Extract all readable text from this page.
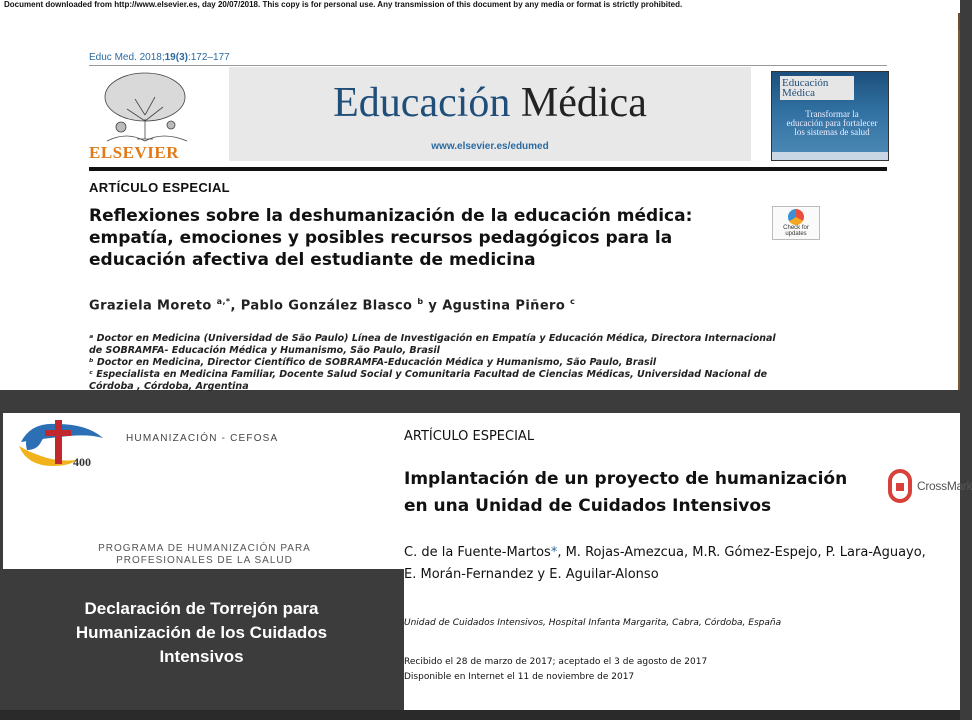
Document downloaded from http://www.elsevier.es, day 20/07/2018. This copy is for personal use. Any transmission of this document by any media or format is strictly prohibited.
Educ Med. 2018;19(3):172–177
ELSEVIER
Educación Médica
www.elsevier.es/edumed
Educación Médica
Transformar la educación para fortalecer los sistemas de salud
ARTÍCULO ESPECIAL
Reflexiones sobre la deshumanización de la educación médica: empatía, emociones y posibles recursos pedagógicos para la educación afectiva del estudiante de medicina
Check for updates
Graziela Moreto $^{a,*}$, Pablo González Blasco $^b$ y Agustina Piñero $^c$
ᵃ Doctor en Medicina (Universidad de São Paulo) Línea de Investigación en Empatía y Educación Médica, Directora Internacional
de SOBRAMFA- Educación Médica y Humanismo, São Paulo, Brasil
ᵇ Doctor en Medicina, Director Científico de SOBRAMFA-Educación Médica y Humanismo, São Paulo, Brasil
ᶜ Especialista en Medicina Familiar, Docente Salud Social y Comunitaria Facultad de Ciencias Médicas, Universidad Nacional de
Córdoba , Córdoba, Argentina
400
HUMANIZACIÓN - CEFOSA
PROGRAMA DE HUMANIZACIÓN PARA
PROFESIONALES DE LA SALUD
Declaración de Torrejón para
Humanización de los Cuidados
Intensivos
ARTÍCULO ESPECIAL
Implantación de un proyecto de humanización en una Unidad de Cuidados Intensivos
CrossMark
C. de la Fuente-Martos*, M. Rojas-Amezcua, M.R. Gómez-Espejo, P. Lara-Aguayo,
E. Morán-Fernandez y E. Aguilar-Alonso
Unidad de Cuidados Intensivos, Hospital Infanta Margarita, Cabra, Córdoba, España
Recibido el 28 de marzo de 2017; aceptado el 3 de agosto de 2017
Disponible en Internet el 11 de noviembre de 2017
